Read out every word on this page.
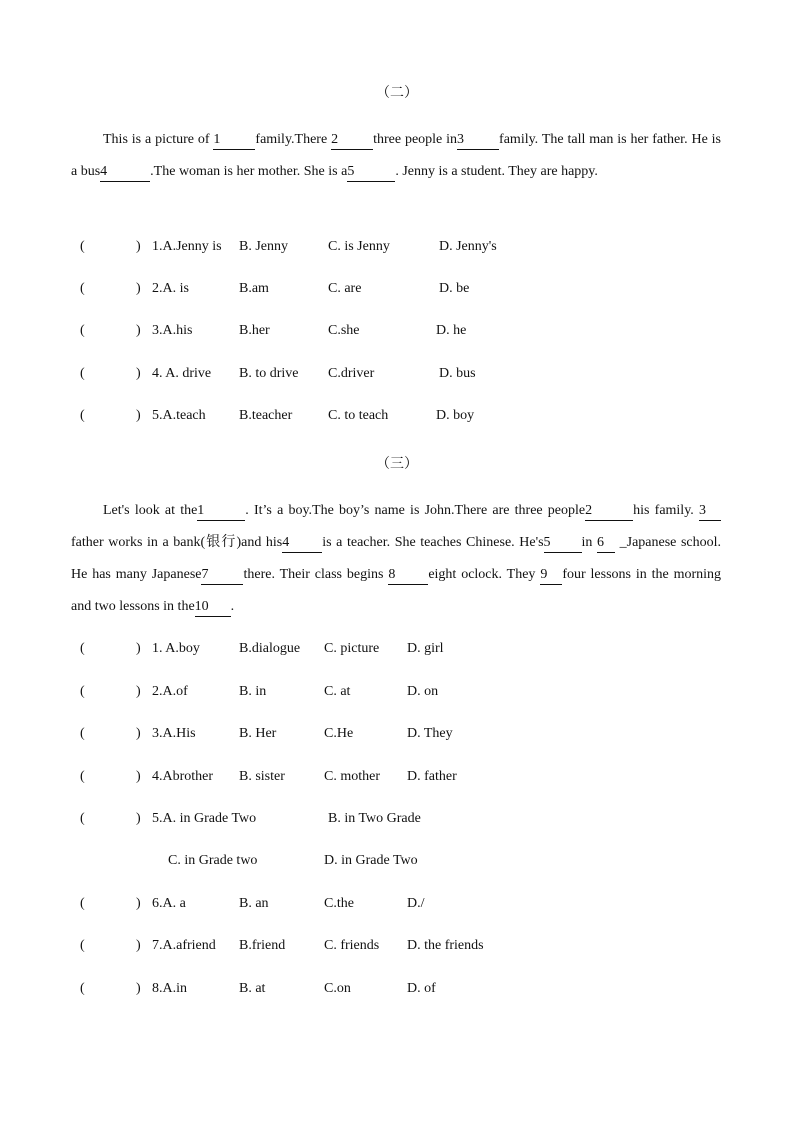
（二）
This is a picture of 1	family.There 2	three people in3	family. The tall man is her father. He is a bus4	.The woman is her mother. She is a5	. Jenny is a student. They are happy.
(	) 1.A.Jenny is B. Jenny	C. is Jenny	D. Jenny's
(	) 2.A. is	B.am	C. are	D. be
(	) 3.A.his	B.her	C.she	D. he
(	) 4. A. drive B. to drive C.driver	D. bus
(	) 5.A.teach B.teacher	C. to teach	D. boy
（三）
Let's look at the1	. It’s a boy.The boy’s name is John.There are three people2	his family. 3father works in a bank(银行)and his4 is a teacher. She teaches Chinese. He's5 in 6 _Japanese school. He has many Japanese7	there. Their class begins 8 eight oclock. They 9 four lessons in the morning and two lessons in the10 .
(	) 1. A.boy	B.dialogue C. picture D. girl
(	) 2.A.of	B. in	C. at	D. on
(	) 3.A.His	B. Her	C.He	D. They
(	) 4.Abrother B. sister	C. mother D. father
(	) 5.A. in Grade Two	B. in Two Grade
C. in Grade two	D. in Grade Two
(	) 6.A. a	B. an	C.the	D./
(	) 7.A.afriend B.friend	C. friends D. the friends
(	) 8.A.in	B. at	C.on	D. of
